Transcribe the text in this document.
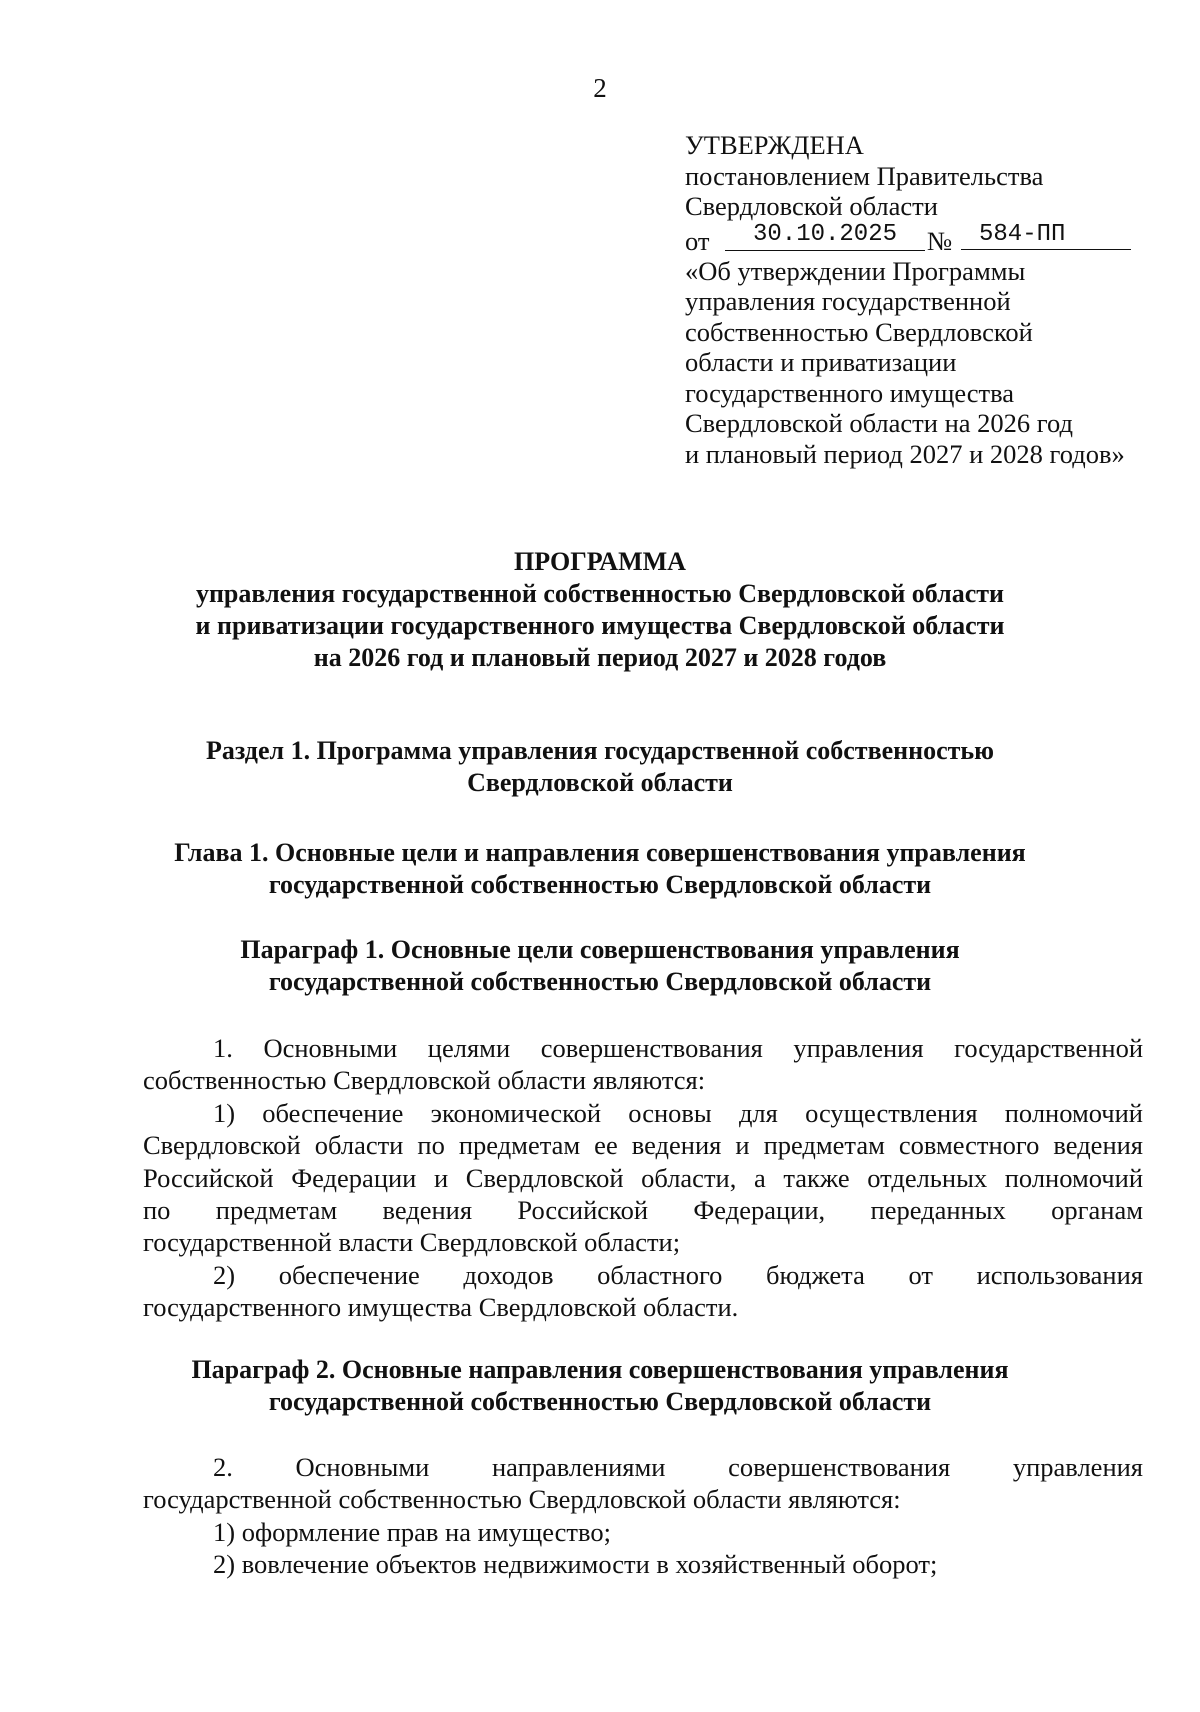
2
УТВЕРЖДЕНА
постановлением Правительства
Свердловской области
от	30.10.2025	№	584-ПП
«Об утверждении Программы
управления государственной
собственностью Свердловской
области и приватизации
государственного имущества
Свердловской области на 2026 год
и плановый период 2027 и 2028 годов»
ПРОГРАММА
управления государственной собственностью Свердловской области
и приватизации государственного имущества Свердловской области
на 2026 год и плановый период 2027 и 2028 годов
Раздел 1. Программа управления государственной собственностью
Свердловской области
Глава 1. Основные цели и направления совершенствования управления
государственной собственностью Свердловской области
Параграф 1. Основные цели совершенствования управления
государственной собственностью Свердловской области
1. Основными целями совершенствования управления государственной
собственностью Свердловской области являются:
1) обеспечение экономической основы для осуществления полномочий
Свердловской области по предметам ее ведения и предметам совместного ведения
Российской Федерации и Свердловской области, а также отдельных полномочий
по предметам ведения Российской Федерации, переданных органам
государственной власти Свердловской области;
2) обеспечение доходов областного бюджета от использования
государственного имущества Свердловской области.
Параграф 2. Основные направления совершенствования управления
государственной собственностью Свердловской области
2. Основными направлениями совершенствования управления
государственной собственностью Свердловской области являются:
1) оформление прав на имущество;
2) вовлечение объектов недвижимости в хозяйственный оборот;
